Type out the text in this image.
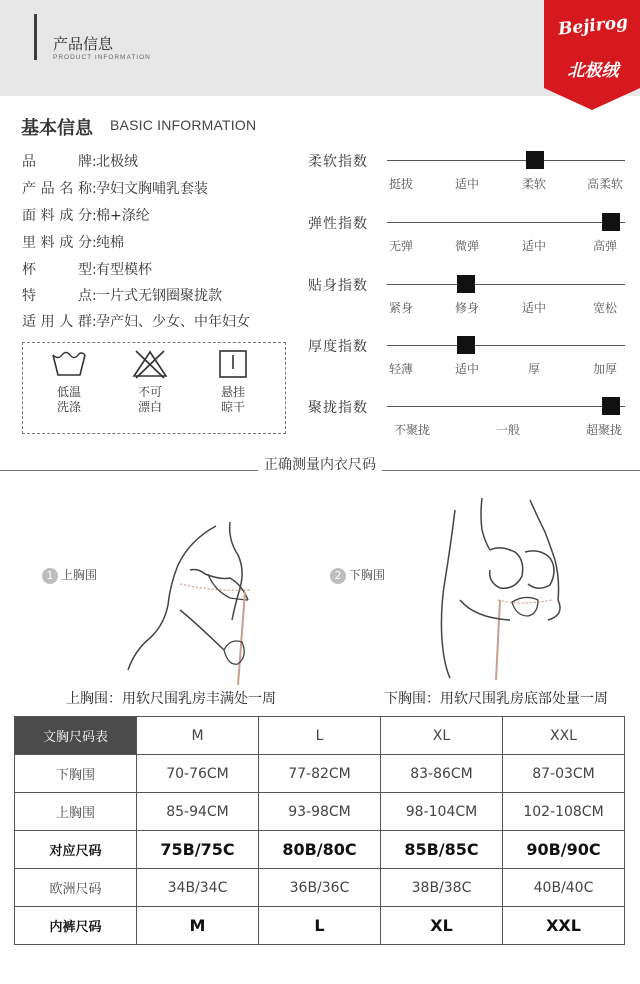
产品信息
PRODUCT INFORMATION
Bejirog
北极绒
基本信息 BASIC INFORMATION
品 牌:北极绒
产品名称:孕妇文胸哺乳套装
面料成分:棉+涤纶
里料成分:纯棉
杯 型:有型模杯
特 点:一片式无钢圈聚拢款
适用人群:孕产妇、少女、中年妇女
低温
洗涤
不可
漂白
悬挂
晾干
柔软指数
挺拔	适中	柔软	高柔软
弹性指数
无弹	微弹	适中	高弹
贴身指数
紧身	修身	适中	宽松
厚度指数
轻薄	适中	厚	加厚
聚拢指数
不聚拢	一般	超聚拢
正确测量内衣尺码
1 上胸围	2 下胸围
上胸围：用软尺围乳房丰满处一周	下胸围：用软尺围乳房底部处量一周
文胸尺码表	M	L	XL	XXL
下胸围	70-76CM	77-82CM	83-86CM	87-03CM
上胸围	85-94CM	93-98CM	98-104CM	102-108CM
对应尺码	75B/75C	80B/80C	85B/85C	90B/90C
欧洲尺码	34B/34C	36B/36C	38B/38C	40B/40C
内裤尺码	M	L	XL	XXL
